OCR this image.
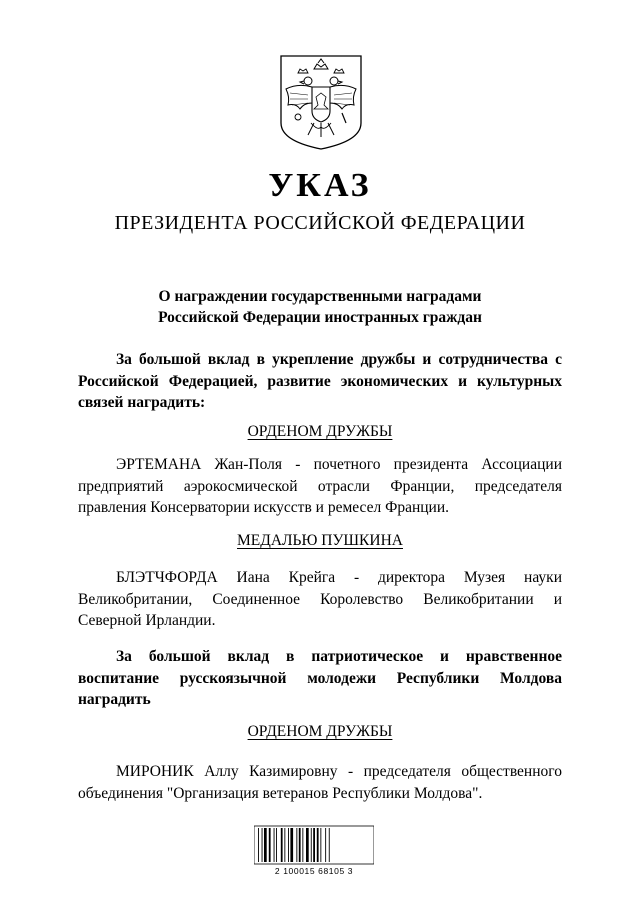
УКАЗ
ПРЕЗИДЕНТА РОССИЙСКОЙ ФЕДЕРАЦИИ
О награждении государственными наградами
Российской Федерации иностранных граждан
За большой вклад в укрепление дружбы и сотрудничества с Российской Федерацией, развитие экономических и культурных связей наградить:
ОРДЕНОМ ДРУЖБЫ
ЭРТЕМАНА Жан-Поля - почетного президента Ассоциации предприятий аэрокосмической отрасли Франции, председателя правления Консерватории искусств и ремесел Франции.
МЕДАЛЬЮ ПУШКИНА
БЛЭТЧФОРДА Иана Крейга - директора Музея науки Великобритании, Соединенное Королевство Великобритании и Северной Ирландии.
За большой вклад в патриотическое и нравственное воспитание русскоязычной молодежи Республики Молдова наградить
ОРДЕНОМ ДРУЖБЫ
МИРОНИК Аллу Казимировну - председателя общественного объединения "Организация ветеранов Республики Молдова".
2 100015 68105 3
